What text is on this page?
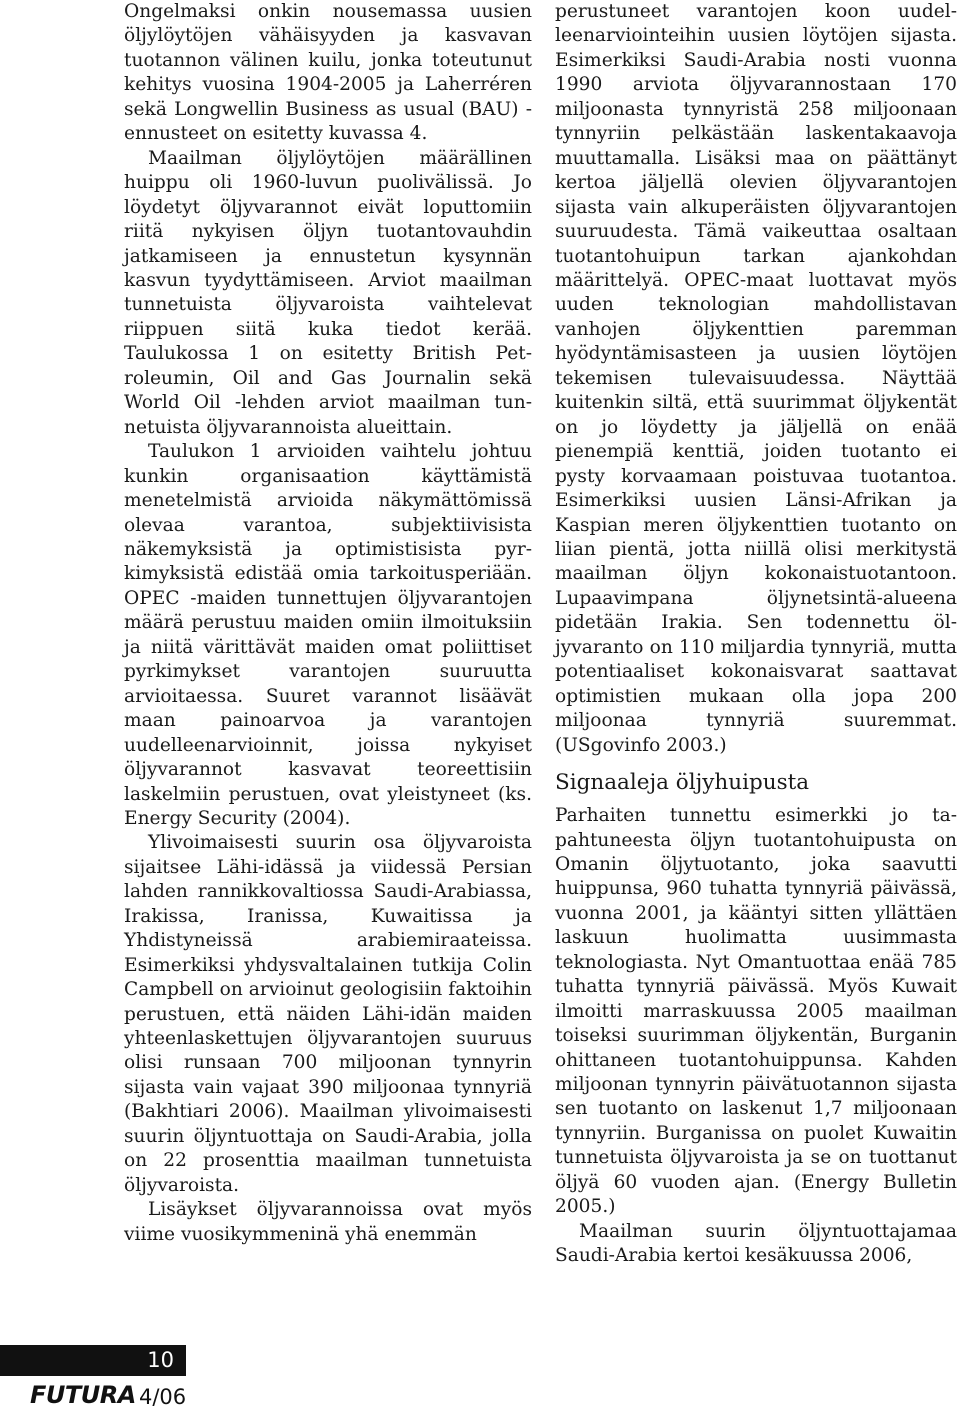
Ongelmaksi onkin nousemassa uusien öljylöytöjen vähäisyyden ja kasvavan tuotannon välinen kuilu, jonka toteutunut kehitys vuosina 1904-2005 ja Laherréren sekä Longwellin Business as usual (BAU) -ennusteet on esitetty kuvassa 4.

Maailman öljylöytöjen määrällinen huippu oli 1960-luvun puolivälissä. Jo löydetyt öljyvarannot eivät loputtomiin riitä nykyisen öljyn tuotantovauhdin jatkamiseen ja ennustetun kysynnän kasvun tyydyttämiseen. Arviot maailman tunnetuista öljyvaroista vaihtelevat riippuen siitä kuka tiedot kerää. Taulukossa 1 on esitetty British Petroleumin, Oil and Gas Journalin sekä World Oil -lehden arviot maailman tunnetuista öljyvarannoista alueittain.

Taulukon 1 arvioiden vaihtelu johtuu kunkin organisaation käyttämistä menetelmistä arvioida näkymättömissä olevaa varantoa, subjektiivisista näkemyksistä ja optimistisista pyrkimyksistä edistää omia tarkoitusperiään. OPEC -maiden tunnettujen öljyvarantojen määrä perustuu maiden omiin ilmoituksiin ja niitä värittävät maiden omat poliittiset pyrkimykset varantojen suuruutta arvioitaessa. Suuret varannot lisäävät maan painoarvoa ja varantojen uudelleenarvioinnit, joissa nykyiset öljyvarannot kasvavat teoreettisiin laskelmiin perustuen, ovat yleistyneet (ks. Energy Security (2004).

Ylivoimaisesti suurin osa öljyvaroista sijaitsee Lähi-idässä ja viidessä Persian lahden rannikkovaltiossa Saudi-Arabiassa, Irakissa, Iranissa, Kuwaitissa ja Yhdistyneissä arabiemiraateissa. Esimerkiksi yhdysvaltalainen tutkija Colin Campbell on arvioinut geologisiin faktoihin perustuen, että näiden Lähi-idän maiden yhteenlaskettujen öljyvarantojen suuruus olisi runsaan 700 miljoonan tynnyrin sijasta vain vajaat 390 miljoonaa tynnyriä (Bakhtiari 2006). Maailman ylivoimaisesti suurin öljyntuottaja on Saudi-Arabia, jolla on 22 prosenttia maailman tunnetuista öljyvaroista.

Lisäykset öljyvarannoissa ovat myös viime vuosikymmeninä yhä enemmän

perustuneet varantojen koon uudelleenarviointeihin uusien löytöjen sijasta. Esimerkiksi Saudi-Arabia nosti vuonna 1990 arviota öljyvarannostaan 170 miljoonasta tynnyristä 258 miljoonaan tynnyriin pelkästään laskentakaavoja muuttamalla. Lisäksi maa on päättänyt kertoa jäljellä olevien öljyvarantojen sijasta vain alkuperäisten öljyvarantojen suuruudesta. Tämä vaikeuttaa osaltaan tuotantohuipun tarkan ajankohdan määrittelyä. OPEC-maat luottavat myös uuden teknologian mahdollistavan vanhojen öljykenttien paremman hyödyntämisasteen ja uusien löytöjen tekemisen tulevaisuudessa. Näyttää kuitenkin siltä, että suurimmat öljykentät on jo löydetty ja jäljellä on enää pienempiä kenttiä, joiden tuotanto ei pysty korvaamaan poistuvaa tuotantoa. Esimerkiksi uusien Länsi-Afrikan ja Kaspian meren öljykenttien tuotanto on liian pientä, jotta niillä olisi merkitystä maailman öljyn kokonaistuotantoon. Lupaavimpana öljynetsintä-alueena pidetään Irakia. Sen todennettu öljyvaranto on 110 miljardia tynnyriä, mutta potentiaaliset kokonaisvarat saattavat optimistien mukaan olla jopa 200 miljoonaa tynnyriä suuremmat. (USgovinfo 2003.)

Signaaleja öljyhuipusta

Parhaiten tunnettu esimerkki jo tapahtuneesta öljyn tuotantohuipusta on Omanin öljytuotanto, joka saavutti huippunsa, 960 tuhatta tynnyriä päivässä, vuonna 2001, ja kääntyi sitten yllättäen laskuun huolimatta uusimmasta teknologiasta. Nyt Omantuottaa enää 785 tuhatta tynnyriä päivässä. Myös Kuwait ilmoitti marraskuussa 2005 maailman toiseksi suurimman öljykentän, Burganin ohittaneen tuotantohuippunsa. Kahden miljoonan tynnyrin päivätuotannon sijasta sen tuotanto on laskenut 1,7 miljoonaan tynnyriin. Burganissa on puolet Kuwaitin tunnetuista öljyvaroista ja se on tuottanut öljyä 60 vuoden ajan. (Energy Bulletin 2005.)

Maailman suurin öljyntuottajamaa Saudi-Arabia kertoi kesäkuussa 2006,

10
FUTURA 4/06
